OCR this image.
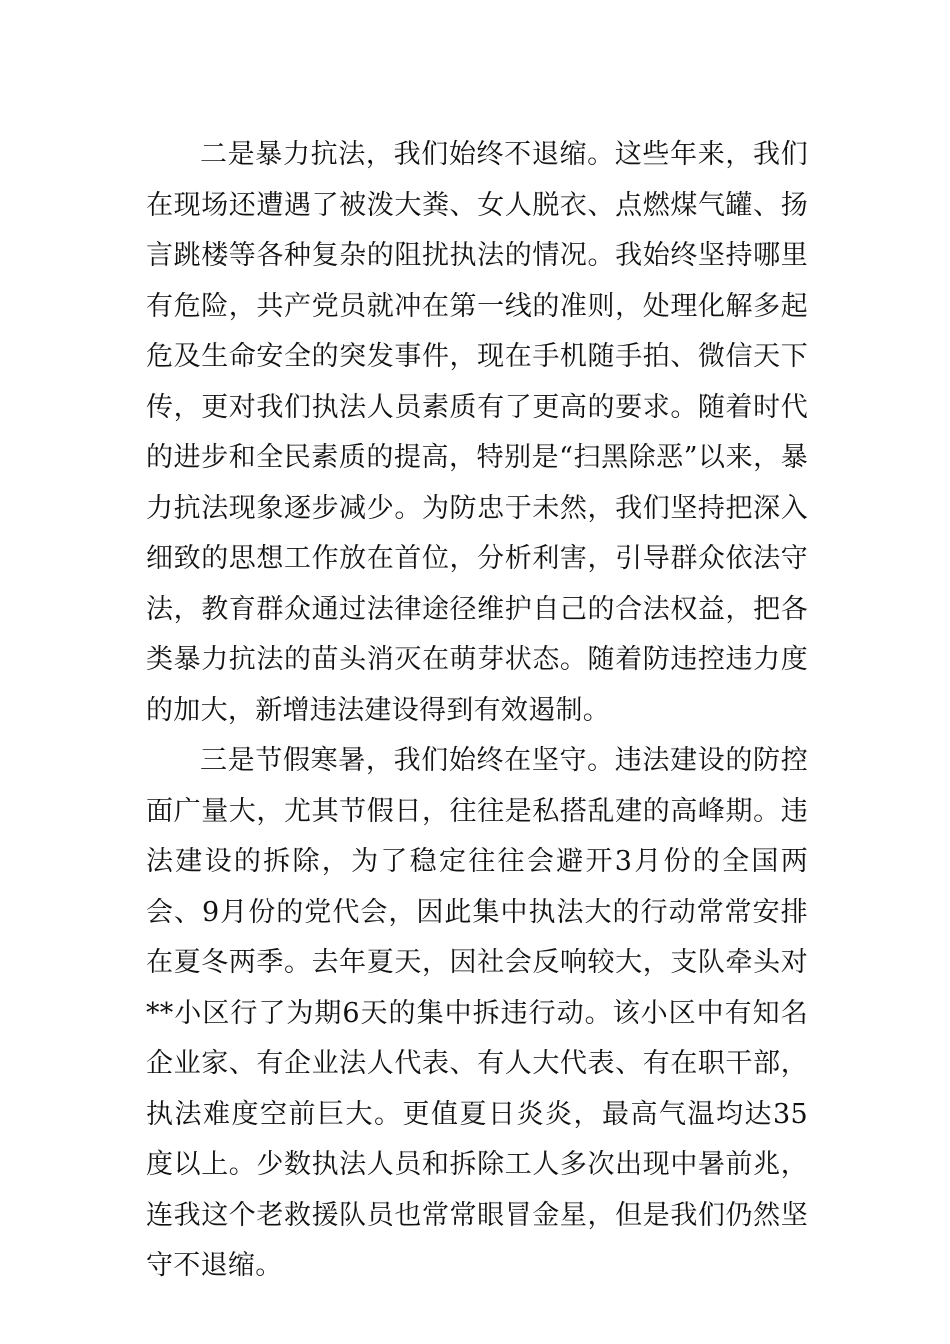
二是暴力抗法，我们始终不退缩。这些年来，我们在现场还遭遇了被泼大粪、女人脱衣、点燃煤气罐、扬言跳楼等各种复杂的阻扰执法的情况。我始终坚持哪里有危险，共产党员就冲在第一线的准则，处理化解多起危及生命安全的突发事件，现在手机随手拍、微信天下传，更对我们执法人员素质有了更高的要求。随着时代的进步和全民素质的提高，特别是“扫黑除恶”以来，暴力抗法现象逐步减少。为防忠于未然，我们坚持把深入细致的思想工作放在首位，分析利害，引导群众依法守法，教育群众通过法律途径维护自己的合法权益，把各类暴力抗法的苗头消灭在萌芽状态。随着防违控违力度的加大，新增违法建设得到有效遏制。

三是节假寒暑，我们始终在坚守。违法建设的防控面广量大，尤其节假日，往往是私搭乱建的高峰期。违法建设的拆除，为了稳定往往会避开3月份的全国两会、9月份的党代会，因此集中执法大的行动常常安排在夏冬两季。去年夏天，因社会反响较大，支队牵头对**小区行了为期6天的集中拆违行动。该小区中有知名企业家、有企业法人代表、有人大代表、有在职干部，执法难度空前巨大。更值夏日炎炎，最高气温均达35度以上。少数执法人员和拆除工人多次出现中暑前兆，连我这个老救援队员也常常眼冒金星，但是我们仍然坚守不退缩。
